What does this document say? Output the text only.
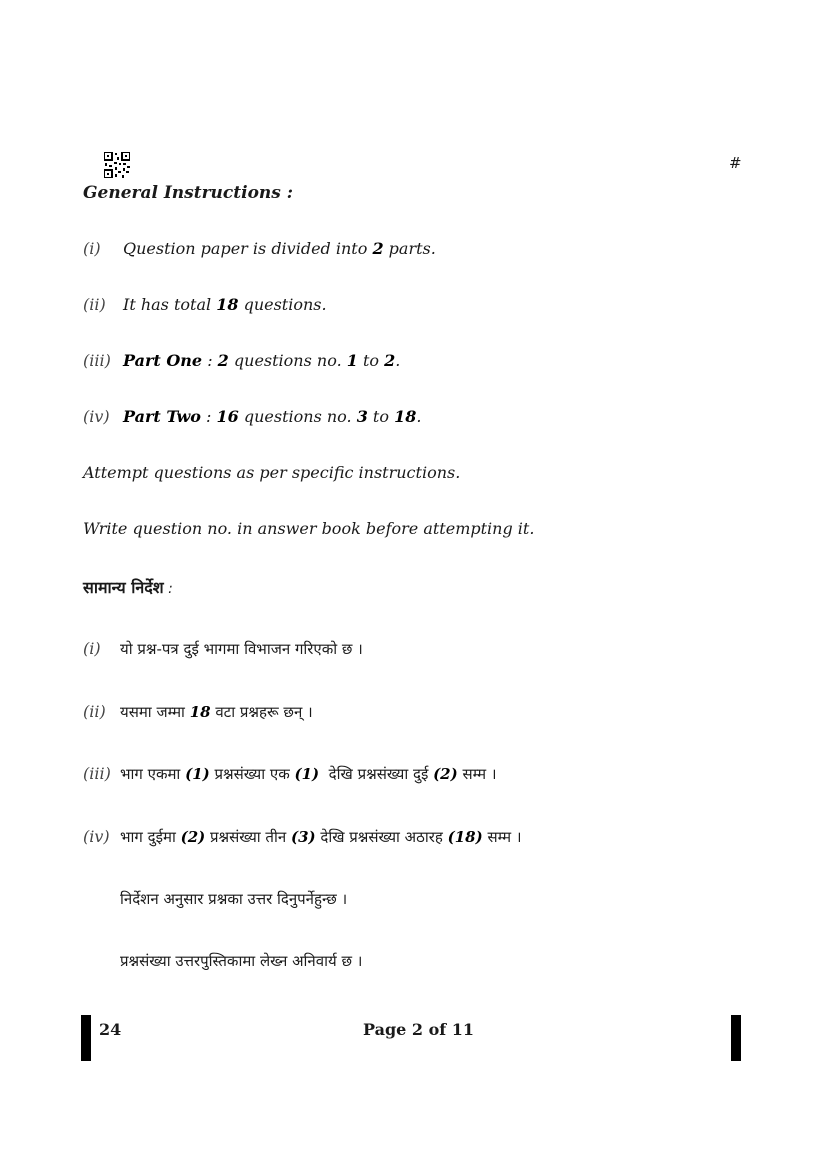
#
General Instructions :
(i) Question paper is divided into 2 parts.
(ii) It has total 18 questions.
(iii) Part One : 2 questions no. 1 to 2.
(iv) Part Two : 16 questions no. 3 to 18.
Attempt questions as per specific instructions.
Write question no. in answer book before attempting it.
सामान्य निर्देश :
(i) यो प्रश्न-पत्र दुई भागमा विभाजन गरिएको छ ।
(ii) यसमा जम्मा 18 वटा प्रश्नहरू छन् ।
(iii) भाग एकमा (1) प्रश्नसंख्या एक (1)  देखि प्रश्नसंख्या दुई (2) सम्म ।
(iv) भाग दुईमा (2) प्रश्नसंख्या तीन (3) देखि प्रश्नसंख्या अठारह (18) सम्म ।
निर्देशन अनुसार प्रश्नका उत्तर दिनुपर्नेहुन्छ ।
प्रश्नसंख्या उत्तरपुस्तिकामा लेख्न अनिवार्य छ ।
24	Page 2 of 11
